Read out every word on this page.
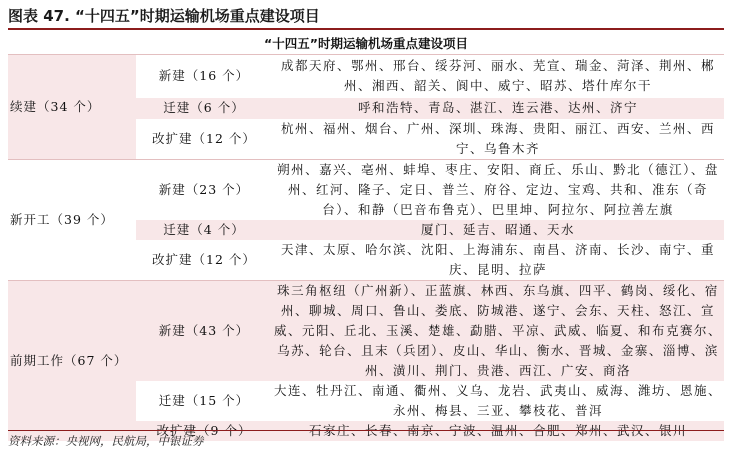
图表 47. “十四五”时期运输机场重点建设项目
“十四五”时期运输机场重点建设项目		
续建（34 个）	新建（16 个）	成都天府、鄂州、邢台、绥芬河、丽水、芜宣、瑞金、菏泽、荆州、郴州、湘西、韶关、阆中、威宁、昭苏、塔什库尔干
	迁建（6 个）	呼和浩特、青岛、湛江、连云港、达州、济宁
	改扩建（12 个）	杭州、福州、烟台、广州、深圳、珠海、贵阳、丽江、西安、兰州、西宁、乌鲁木齐
新开工（39 个）	新建（23 个）	朔州、嘉兴、亳州、蚌埠、枣庄、安阳、商丘、乐山、黔北（德江）、盘州、红河、隆子、定日、普兰、府谷、定边、宝鸡、共和、准东（奇台）、和静（巴音布鲁克）、巴里坤、阿拉尔、阿拉善左旗
	迁建（4 个）	厦门、延吉、昭通、天水
	改扩建（12 个）	天津、太原、哈尔滨、沈阳、上海浦东、南昌、济南、长沙、南宁、重庆、昆明、拉萨
前期工作（67 个）	新建（43 个）	珠三角枢纽（广州新）、正蓝旗、林西、东乌旗、四平、鹤岗、绥化、宿州、聊城、周口、鲁山、娄底、防城港、遂宁、会东、天柱、怒江、宣威、元阳、丘北、玉溪、楚雄、勐腊、平凉、武威、临夏、和布克赛尔、乌苏、轮台、且末（兵团）、皮山、华山、衡水、晋城、金寨、淄博、滨州、潢川、荆门、贵港、西江、广安、商洛
	迁建（15 个）	大连、牡丹江、南通、衢州、义乌、龙岩、武夷山、威海、潍坊、恩施、永州、梅县、三亚、攀枝花、普洱
	改扩建（9 个）	石家庄、长春、南京、宁波、温州、合肥、郑州、武汉、银川
资料来源：央视网，民航局，中银证券
